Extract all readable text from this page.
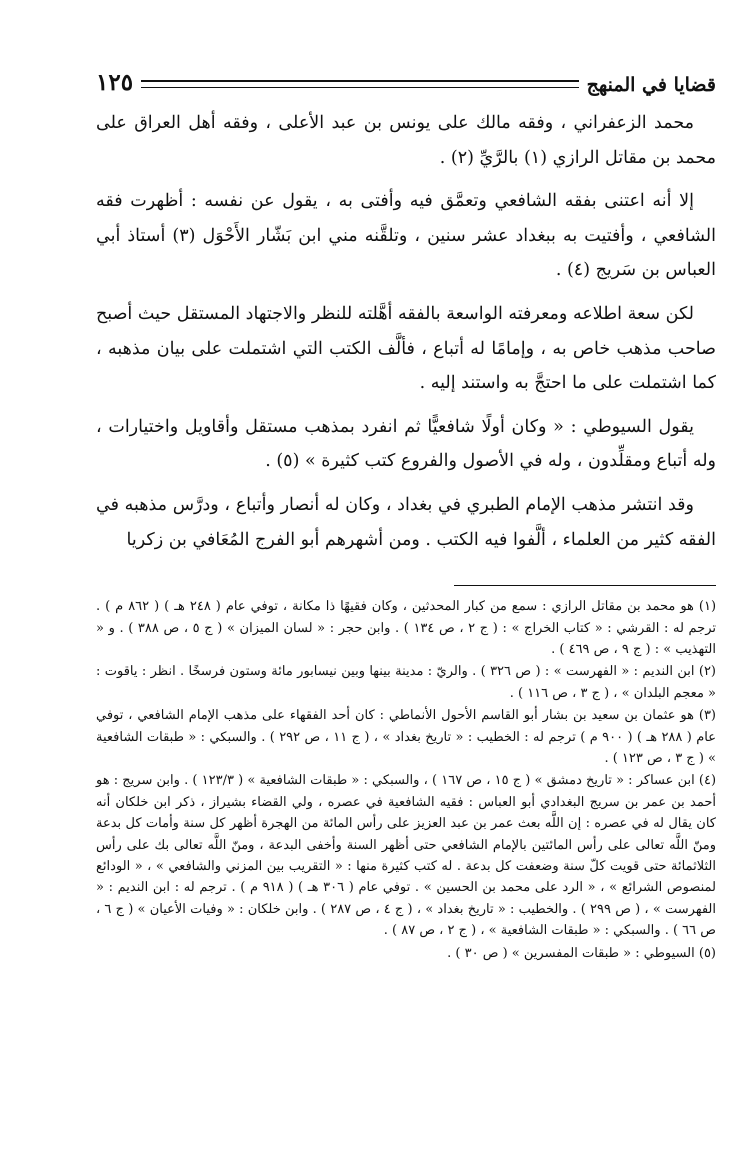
قضايا في المنهج
١٢٥

محمد الزعفراني ، وفقه مالك على يونس بن عبد الأعلى ، وفقه أهل العراق على محمد بن مقاتل الرازي (١) بالرَّيِّ (٢) .

إلا أنه اعتنى بفقه الشافعي وتعمَّق فيه وأفتى به ، يقول عن نفسه : أظهرت فقه الشافعي ، وأفتيت به ببغداد عشر سنين ، وتلقَّنه مني ابن بَشّار الأَحْوَل (٣) أستاذ أبي العباس بن سَريج (٤) .

لكن سعة اطلاعه ومعرفته الواسعة بالفقه أهَّلته للنظر والاجتهاد المستقل حيث أصبح صاحب مذهب خاص به ، وإمامًا له أتباع ، فألَّف الكتب التي اشتملت على بيان مذهبه ، كما اشتملت على ما احتجَّ به واستند إليه .

يقول السيوطي : « وكان أولًا شافعيًّا ثم انفرد بمذهب مستقل وأقاويل واختيارات ، وله أتباع ومقلِّدون ، وله في الأصول والفروع كتب كثيرة » (٥) .

وقد انتشر مذهب الإمام الطبري في بغداد ، وكان له أنصار وأتباع ، ودرَّس مذهبه في الفقه كثير من العلماء ، ألَّفوا فيه الكتب . ومن أشهرهم أبو الفرج المُعَافي بن زكريا

(١) هو محمد بن مقاتل الرازي : سمع من كبار المحدثين ، وكان فقيهًا ذا مكانة ، توفي عام ( ٢٤٨ هـ ) ( ٨٦٢ م ) . ترجم له : القرشي : « كتاب الخراج » : ( ج ٢ ، ص ١٣٤ ) . وابن حجر : « لسان الميزان » ( ج ٥ ، ص ٣٨٨ ) . و « التهذيب » : ( ج ٩ ، ص ٤٦٩ ) .

(٢) ابن النديم : « الفهرست » : ( ص ٣٢٦ ) . والريّ : مدينة بينها وبين نيسابور مائة وستون فرسخًا . انظر : ياقوت : « معجم البلدان » ، ( ج ٣ ، ص ١١٦ ) .

(٣) هو عثمان بن سعيد بن بشار أبو القاسم الأحول الأنماطي : كان أحد الفقهاء على مذهب الإمام الشافعي ، توفي عام ( ٢٨٨ هـ ) ( ٩٠٠ م ) ترجم له : الخطيب : « تاريخ بغداد » ، ( ج ١١ ، ص ٢٩٢ ) . والسبكي : « طبقات الشافعية » ( ج ٣ ، ص ١٢٣ ) .

(٤) ابن عساكر : « تاريخ دمشق » ( ج ١٥ ، ص ١٦٧ ) ، والسبكي : « طبقات الشافعية » ( ١٢٣/٣ ) . وابن سريج : هو أحمد بن عمر بن سريج البغدادي أبو العباس : فقيه الشافعية في عصره ، ولي القضاء بشيراز ، ذكر ابن خلكان أنه كان يقال له في عصره : إن اللَّه بعث عمر بن عبد العزيز على رأس المائة من الهجرة أظهر كل سنة وأمات كل بدعة ومنّ اللَّه تعالى على رأس المائتين بالإمام الشافعي حتى أظهر السنة وأخفى البدعة ، ومنّ اللَّه تعالى بك على رأس الثلاثمائة حتى قويت كلّ سنة وضعفت كل بدعة . له كتب كثيرة منها : « التقريب بين المزني والشافعي » ، « الودائع لمنصوص الشرائع » ، « الرد على محمد بن الحسين » . توفي عام ( ٣٠٦ هـ ) ( ٩١٨ م ) . ترجم له : ابن النديم : « الفهرست » ، ( ص ٢٩٩ ) . والخطيب : « تاريخ بغداد » ، ( ج ٤ ، ص ٢٨٧ ) . وابن خلكان : « وفيات الأعيان » ( ج ٦ ، ص ٦٦ ) . والسبكي : « طبقات الشافعية » ، ( ج ٢ ، ص ٨٧ ) .

(٥) السيوطي : « طبقات المفسرين » ( ص ٣٠ ) .
